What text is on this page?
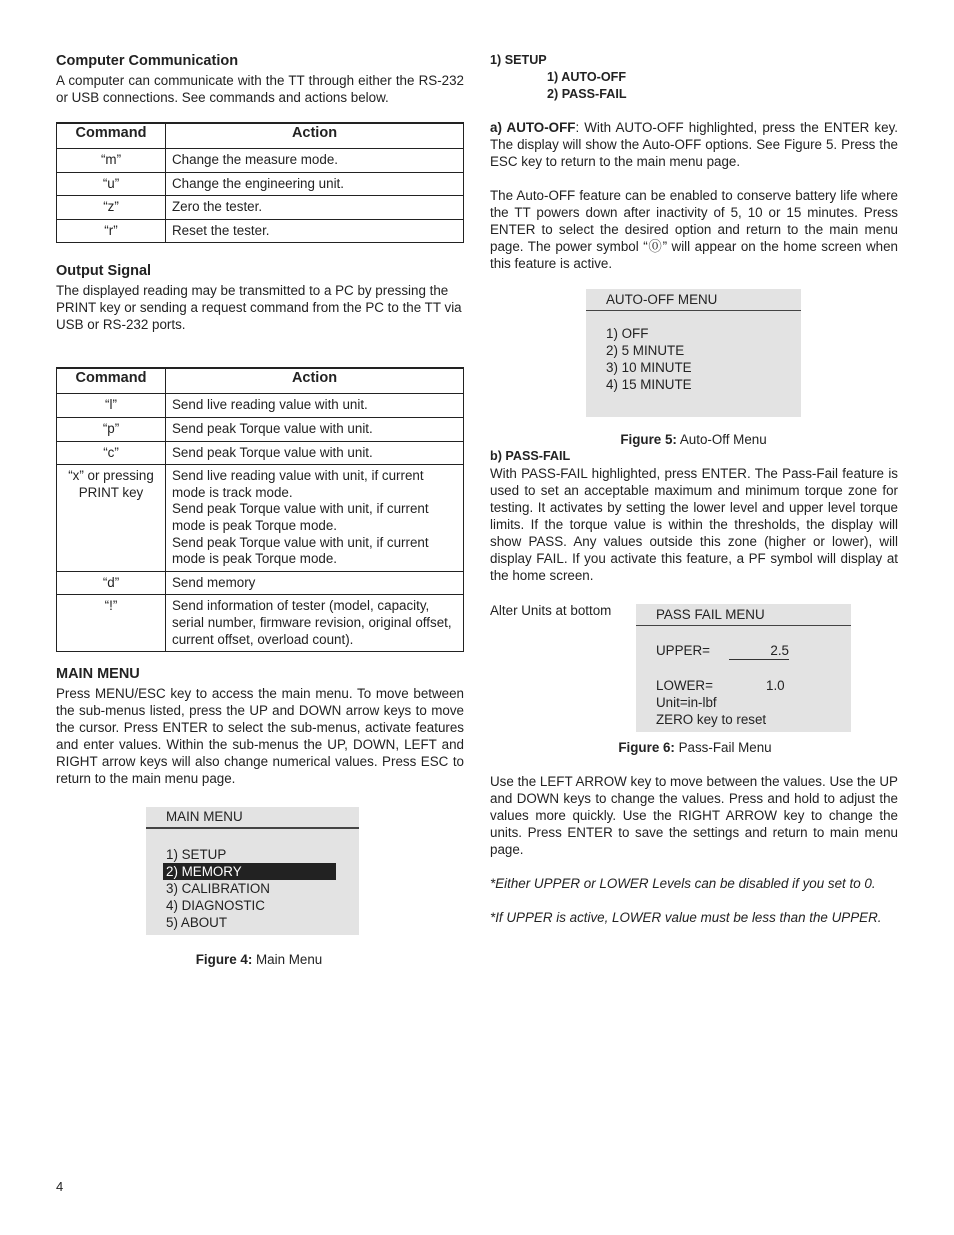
Computer Communication

A computer can communicate with the TT through either the RS-232 or USB connections. See commands and actions below.

Command	Action
“m”	Change the measure mode.
“u”	Change the engineering unit.
“z”	Zero the tester.
“r”	Reset the tester.
Output Signal

The displayed reading may be transmitted to a PC by pressing the PRINT key or sending a request command from the PC to the TT via USB or RS-232 ports.

Command	Action
“l”	Send live reading value with unit.
“p”	Send peak Torque value with unit.
“c”	Send peak Torque value with unit.
“x” or pressing PRINT key	Send live reading value with unit, if current mode is track mode.
Send peak Torque value with unit, if current mode is peak Torque mode.
Send peak Torque value with unit, if current mode is peak Torque mode.
“d”	Send memory
“!”	Send information of tester (model, capacity, serial number, firmware revision, original offset, current offset, overload count).
MAIN MENU

Press MENU/ESC key to access the main menu. To move between the sub-menus listed, press the UP and DOWN arrow keys to move the cursor. Press ENTER to select the sub-menus, activate features and enter values. Within the sub-menus the UP, DOWN, LEFT and RIGHT arrow keys will also change numerical values. Press ESC to return to the main menu page.

MAIN MENU
1) SETUP
2) MEMORY
3) CALIBRATION
4) DIAGNOSTIC
5) ABOUT
Figure 4: Main Menu
1) SETUP
1) AUTO-OFF
2) PASS-FAIL

a) AUTO-OFF: With AUTO-OFF highlighted, press the ENTER key. The display will show the Auto-OFF options. See Figure 5. Press the ESC key to return to the main menu page.

The Auto-OFF feature can be enabled to conserve battery life where the TT powers down after inactivity of 5, 10 or 15 minutes. Press ENTER to select the desired option and return to the main menu page. The power symbol “⓪” will appear on the home screen when this feature is active.

AUTO-OFF MENU
1) OFF
2) 5 MINUTE
3) 10 MINUTE
4) 15 MINUTE
Figure 5: Auto-Off Menu
b) PASS-FAIL

With PASS-FAIL highlighted, press ENTER. The Pass-Fail feature is used to set an acceptable maximum and minimum torque zone for testing. It activates by setting the lower level and upper level torque limits. If the torque value is within the thresholds, the display will show PASS. Any values outside this zone (higher or lower), will display FAIL. If you activate this feature, a PF symbol will display at the home screen.

Alter Units at bottom	PASS FAIL MENU
UPPER=	2.5
LOWER=	1.0
Unit=in-lbf
ZERO key to reset
Figure 6: Pass-Fail Menu

Use the LEFT ARROW key to move between the values. Use the UP and DOWN keys to change the values. Press and hold to adjust the values more quickly. Use the RIGHT ARROW key to change the units. Press ENTER to save the settings and return to main menu page.

*Either UPPER or LOWER Levels can be disabled if you set to 0.

*If UPPER is active, LOWER value must be less than the UPPER.

4
